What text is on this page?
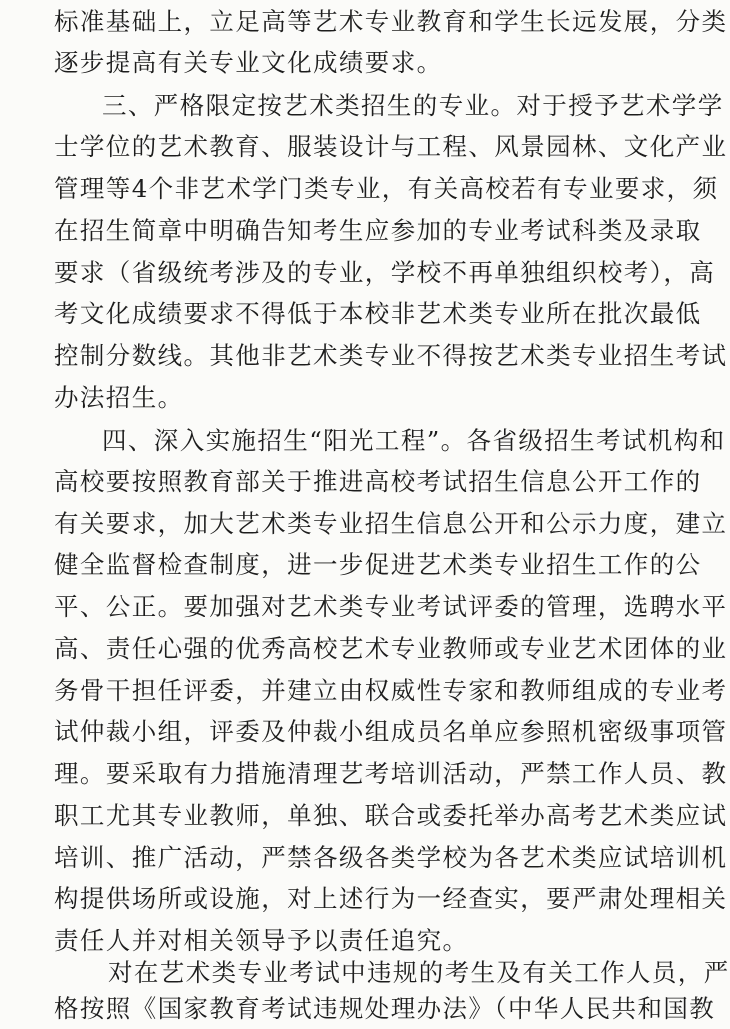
标准基础上，立足高等艺术专业教育和学生长远发展，分类
逐步提高有关专业文化成绩要求。
三、严格限定按艺术类招生的专业。对于授予艺术学学
士学位的艺术教育、服装设计与工程、风景园林、文化产业
管理等4个非艺术学门类专业，有关高校若有专业要求，须
在招生简章中明确告知考生应参加的专业考试科类及录取
要求（省级统考涉及的专业，学校不再单独组织校考），高
考文化成绩要求不得低于本校非艺术类专业所在批次最低
控制分数线。其他非艺术类专业不得按艺术类专业招生考试
办法招生。
四、深入实施招生“阳光工程”。各省级招生考试机构和
高校要按照教育部关于推进高校考试招生信息公开工作的
有关要求，加大艺术类专业招生信息公开和公示力度，建立
健全监督检查制度，进一步促进艺术类专业招生工作的公
平、公正。要加强对艺术类专业考试评委的管理，选聘水平
高、责任心强的优秀高校艺术专业教师或专业艺术团体的业
务骨干担任评委，并建立由权威性专家和教师组成的专业考
试仲裁小组，评委及仲裁小组成员名单应参照机密级事项管
理。要采取有力措施清理艺考培训活动，严禁工作人员、教
职工尤其专业教师，单独、联合或委托举办高考艺术类应试
培训、推广活动，严禁各级各类学校为各艺术类应试培训机
构提供场所或设施，对上述行为一经查实，要严肃处理相关
责任人并对相关领导予以责任追究。
对在艺术类专业考试中违规的考生及有关工作人员，严
格按照《国家教育考试违规处理办法》（中华人民共和国教
